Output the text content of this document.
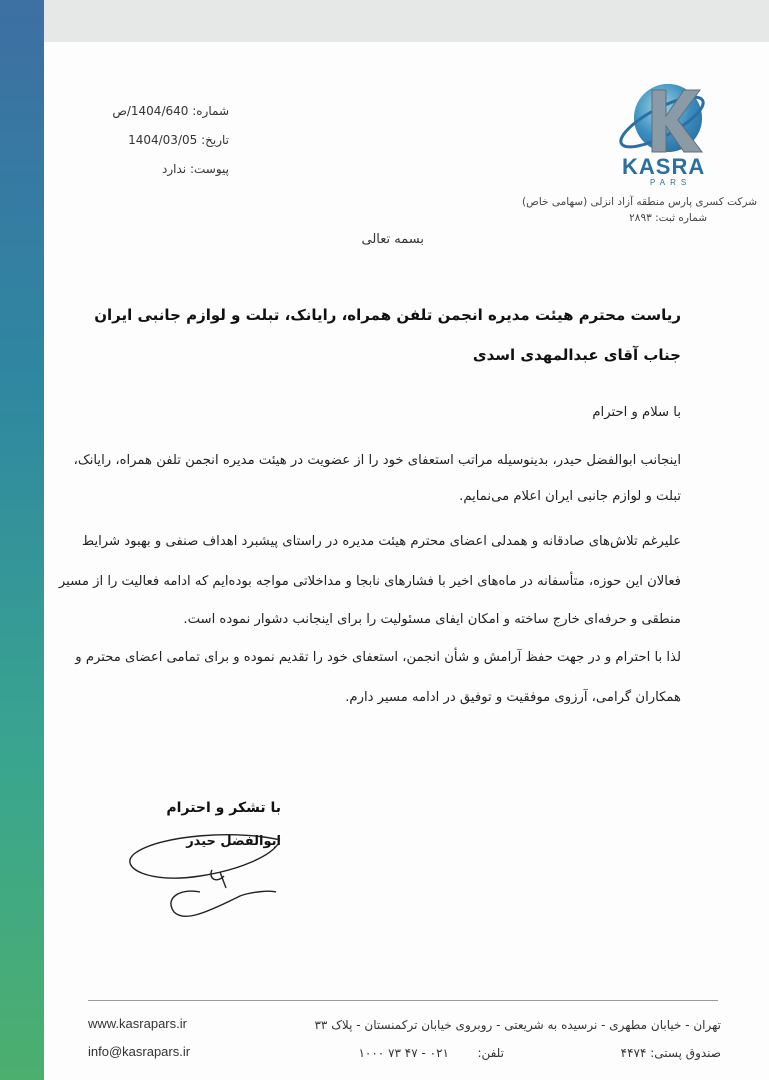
شماره: 1404/640/ص
تاریخ: 1404/03/05
پیوست: ندارد	KASRA
PARS
شرکت کسری پارس منطقه آزاد انزلی (سهامی خاص)
شماره ثبت: ۲۸۹۳
بسمه تعالی
ریاست محترم هیئت مدیره انجمن تلفن همراه، رایانک، تبلت و لوازم جانبی ایران
جناب آقای عبدالمهدی اسدی
با سلام و احترام
اینجانب ابوالفضل حیدر، بدینوسیله مراتب استعفای خود را از عضویت در هیئت مدیره انجمن تلفن همراه، رایانک،
تبلت و لوازم جانبی ایران اعلام می‌نمایم.
علیرغم تلاش‌های صادقانه و همدلی اعضای محترم هیئت مدیره در راستای پیشبرد اهداف صنفی و بهبود شرایط
فعالان این حوزه، متأسفانه در ماه‌های اخیر با فشارهای نابجا و مداخلاتی مواجه بوده‌ایم که ادامه فعالیت را از مسیر
منطقی و حرفه‌ای خارج ساخته و امکان ایفای مسئولیت را برای اینجانب دشوار نموده است.
لذا با احترام و در جهت حفظ آرامش و شأن انجمن، استعفای خود را تقدیم نموده و برای تمامی اعضای محترم و
همکاران گرامی، آرزوی موفقیت و توفیق در ادامه مسیر دارم.
با تشکر و احترام
ابوالفضل حیدر
www.kasrapars.ir
info@kasrapars.ir
تهران - خیابان مطهری - نرسیده به شریعتی - روبروی خیابان ترکمنستان - پلاک ۳۳
صندوق پستی: ۴۴۷۴
تلفن:
۰۲۱ - ۴۷ ۷۳ ۱۰۰۰
